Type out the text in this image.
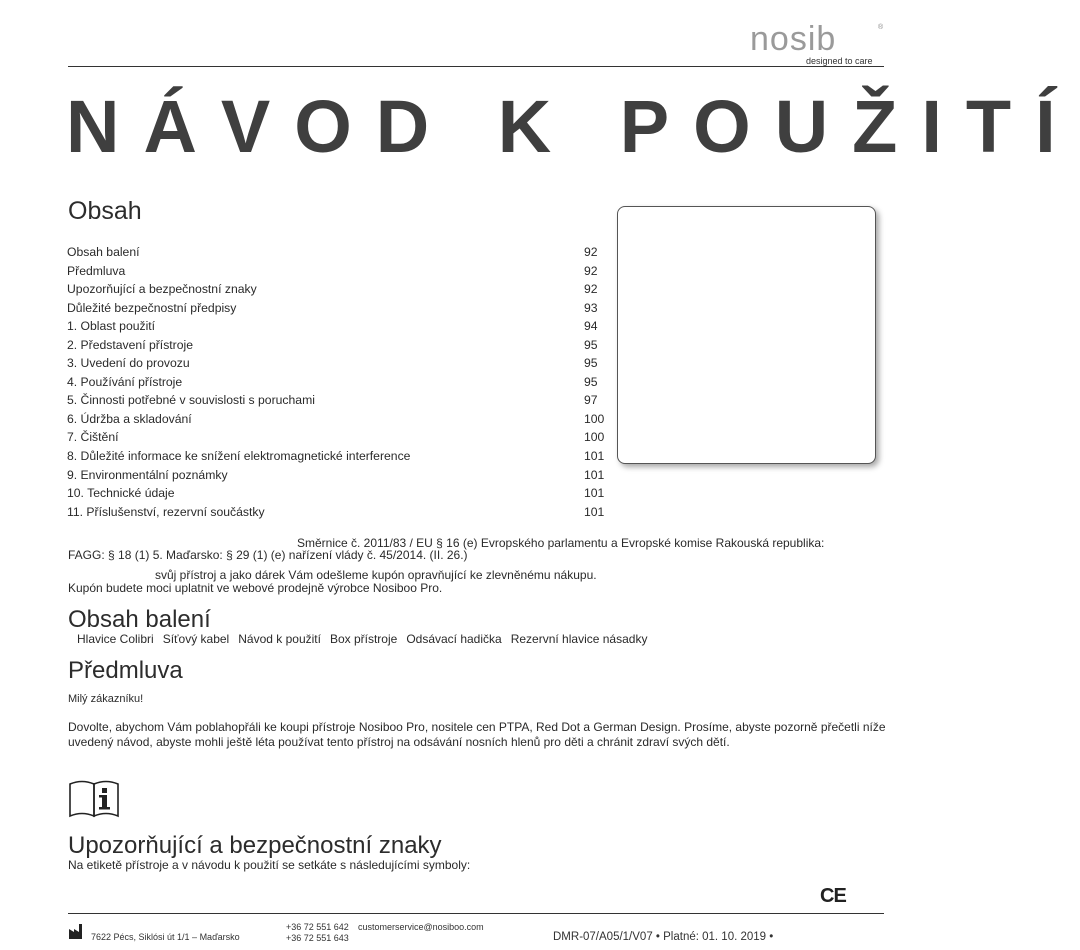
nosib	®
designed to care
NÁVOD K POUŽITÍ
Obsah
Obsah balení	92
Předmluva	92
Upozorňující a bezpečnostní znaky	92
Důležité bezpečnostní předpisy	93
1. Oblast použití	94
2. Představení přístroje	95
3. Uvedení do provozu	95
4. Používání přístroje	95
5. Činnosti potřebné v souvislosti s poruchami	97
6. Údržba a skladování	100
7. Čištění	100
8. Důležité informace ke snížení elektromagnetické interference	101
9. Environmentální poznámky	101
10. Technické údaje	101
11. Příslušenství, rezervní součástky	101
Směrnice č. 2011/83 / EU § 16 (e) Evropského parlamentu a Evropské komise Rakouská republika:
FAGG: § 18 (1) 5. Maďarsko: § 29 (1) (e) nařízení vlády č. 45/2014. (II. 26.)
svůj přístroj a jako dárek Vám odešleme kupón opravňující ke zlevněnému nákupu.
Kupón budete moci uplatnit ve webové prodejně výrobce Nosiboo Pro.
Obsah balení
Hlavice Colibri Síťový kabel Návod k použití Box přístroje Odsávací hadička Rezervní hlavice násadky
Předmluva
Milý zákazníku!
Dovolte, abychom Vám poblahopřáli ke koupi přístroje Nosiboo Pro, nositele cen PTPA, Red Dot a German Design. Prosíme, abyste pozorně přečetli níže uvedený návod, abyste mohli ještě léta používat tento přístroj na odsávání nosních hlenů pro děti a chránit zdraví svých dětí.
Upozorňující a bezpečnostní znaky
Na etiketě přístroje a v návodu k použití se setkáte s následujícími symboly:
CE
7622 Pécs, Siklósi út 1/1 – Maďarsko
+36 72 551 642 customerservice@nosiboo.com
+36 72 551 643	DMR-07/A05/1/V07 • Platné: 01. 10. 2019 •
